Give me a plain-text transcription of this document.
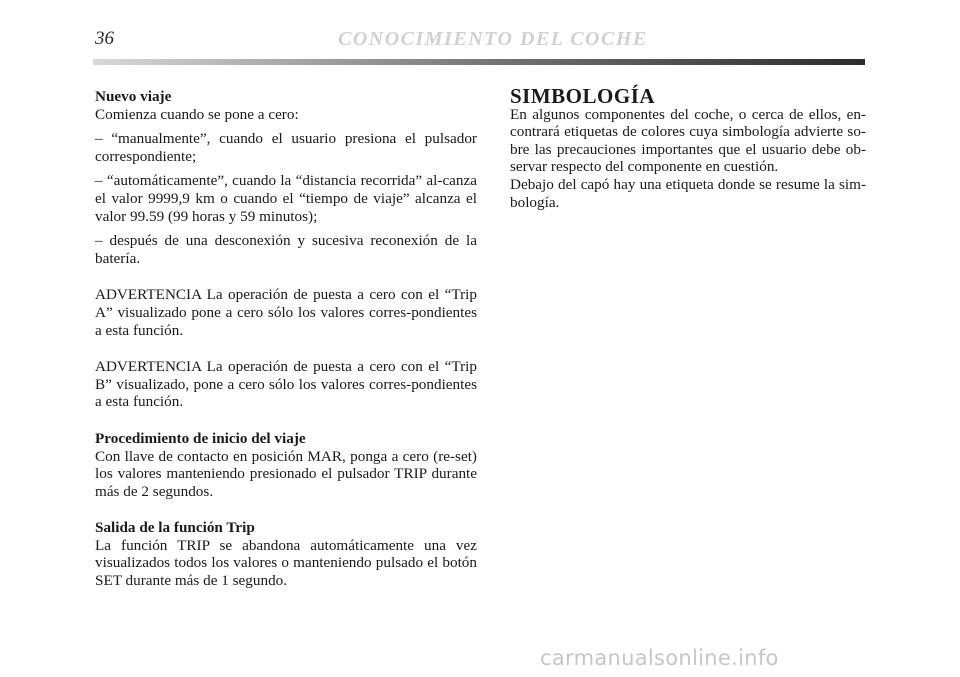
36	CONOCIMIENTO DEL COCHE

Nuevo viaje

Comienza cuando se pone a cero:

– “manualmente”, cuando el usuario presiona el pulsador correspondiente;

– “automáticamente”, cuando la “distancia recorrida” al-canza el valor 9999,9 km o cuando el “tiempo de viaje” alcanza el valor 99.59 (99 horas y 59 minutos);

– después de una desconexión y sucesiva reconexión de la batería.

ADVERTENCIA La operación de puesta a cero con el “Trip A” visualizado pone a cero sólo los valores corres-pondientes a esta función.

ADVERTENCIA La operación de puesta a cero con el “Trip B” visualizado, pone a cero sólo los valores corres-pondientes a esta función.

Procedimiento de inicio del viaje

Con llave de contacto en posición MAR, ponga a cero (re-set) los valores manteniendo presionado el pulsador TRIP durante más de 2 segundos.

Salida de la función Trip

La función TRIP se abandona automáticamente una vez visualizados todos los valores o manteniendo pulsado el botón SET durante más de 1 segundo.

SIMBOLOGÍA

En algunos componentes del coche, o cerca de ellos, en-contrará etiquetas de colores cuya simbología advierte so-bre las precauciones importantes que el usuario debe ob-servar respecto del componente en cuestión.

Debajo del capó hay una etiqueta donde se resume la sim-bología.

carmanualsonline.info
